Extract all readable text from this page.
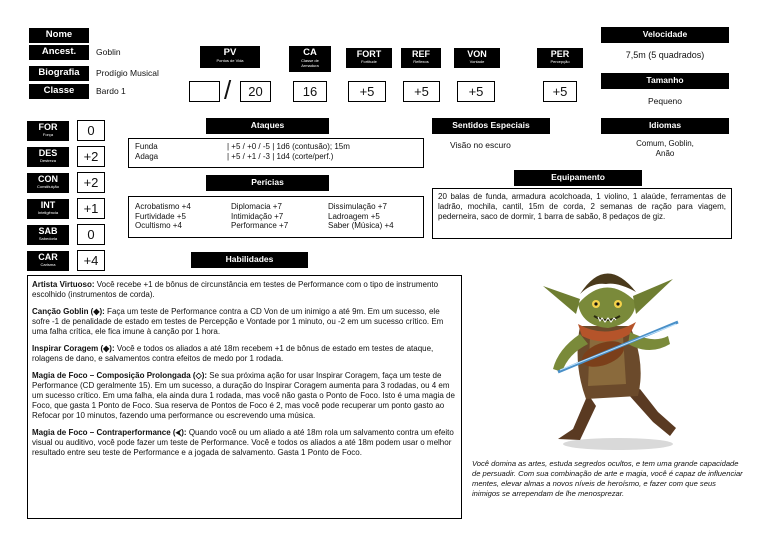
Nome
Ancest.	Goblin
Biografia	Prodígio Musical
Classe	Bardo 1
PV
Pontos de Vida
/	20
CA
Classe de Armadura
16
FORT
Fortitude
+5
REF
Reflexos
+5
VON
Vontade
+5
PER
Percepção
+5
Velocidade
7,5m (5 quadrados)
Tamanho
Pequeno
Idiomas
Comum, Goblin,
Anão
Sentidos Especiais
Visão no escuro
FOR
Força	0
DES
Destreza	+2
CON
Constituição	+2
INT
Inteligência	+1
SAB
Sabedoria	0
CAR
Carisma	+4
Ataques
Funda	| +5 / +0 / -5 | 1d6 (contusão); 15m
Adaga	| +5 / +1 / -3 | 1d4 (corte/perf.)
Perícias
Acrobatismo +4	Diplomacia +7	Dissimulação +7
Furtividade +5	Intimidação +7	Ladroagem +5
Ocultismo +4	Performance +7	Saber (Música) +4
Equipamento
20 balas de funda, armadura acolchoada, 1 violino, 1 alaúde, ferramentas de ladrão, mochila, cantil, 15m de corda, 2 semanas de ração para viagem, pederneira, saco de dormir, 1 barra de sabão, 8 pedaços de giz.
Habilidades

Artista Virtuoso: Você recebe +1 de bônus de circunstância em testes de Performance com o tipo de instrumento escolhido (instrumentos de corda).

Canção Goblin (◆): Faça um teste de Performance contra a CD Von de um inimigo a até 9m. Em um sucesso, ele sofre -1 de penalidade de estado em testes de Percepção e Vontade por 1 minuto, ou -2 em um sucesso crítico. Em uma falha crítica, ele fica imune à canção por 1 hora.

Inspirar Coragem (◆): Você e todos os aliados a até 18m recebem +1 de bônus de estado em testes de ataque, rolagens de dano, e salvamentos contra efeitos de medo por 1 rodada.

Magia de Foco – Composição Prolongada (◇): Se sua próxima ação for usar Inspirar Coragem, faça um teste de Performance (CD geralmente 15). Em um sucesso, a duração do Inspirar Coragem aumenta para 3 rodadas, ou 4 em um sucesso crítico. Em uma falha, ela ainda dura 1 rodada, mas você não gasta o Ponto de Foco. Isto é uma magia de Foco, que gasta 1 Ponto de Foco. Sua reserva de Pontos de Foco é 2, mas você pode recuperar um ponto gasto ao Refocar por 10 minutos, fazendo uma performance ou escrevendo uma música.

Magia de Foco – Contraperformance (⮜): Quando você ou um aliado a até 18m rola um salvamento contra um efeito visual ou auditivo, você pode fazer um teste de Performance. Você e todos os aliados a até 18m podem usar o melhor resultado entre seu teste de Performance e a jogada de salvamento. Gasta 1 Ponto de Foco.

Você domina as artes, estuda segredos ocultos, e tem uma grande capacidade de persuadir. Com sua combinação de arte e magia, você é capaz de influenciar mentes, elevar almas a novos níveis de heroísmo, e fazer com que seus inimigos se arrependam de lhe menosprezar.
